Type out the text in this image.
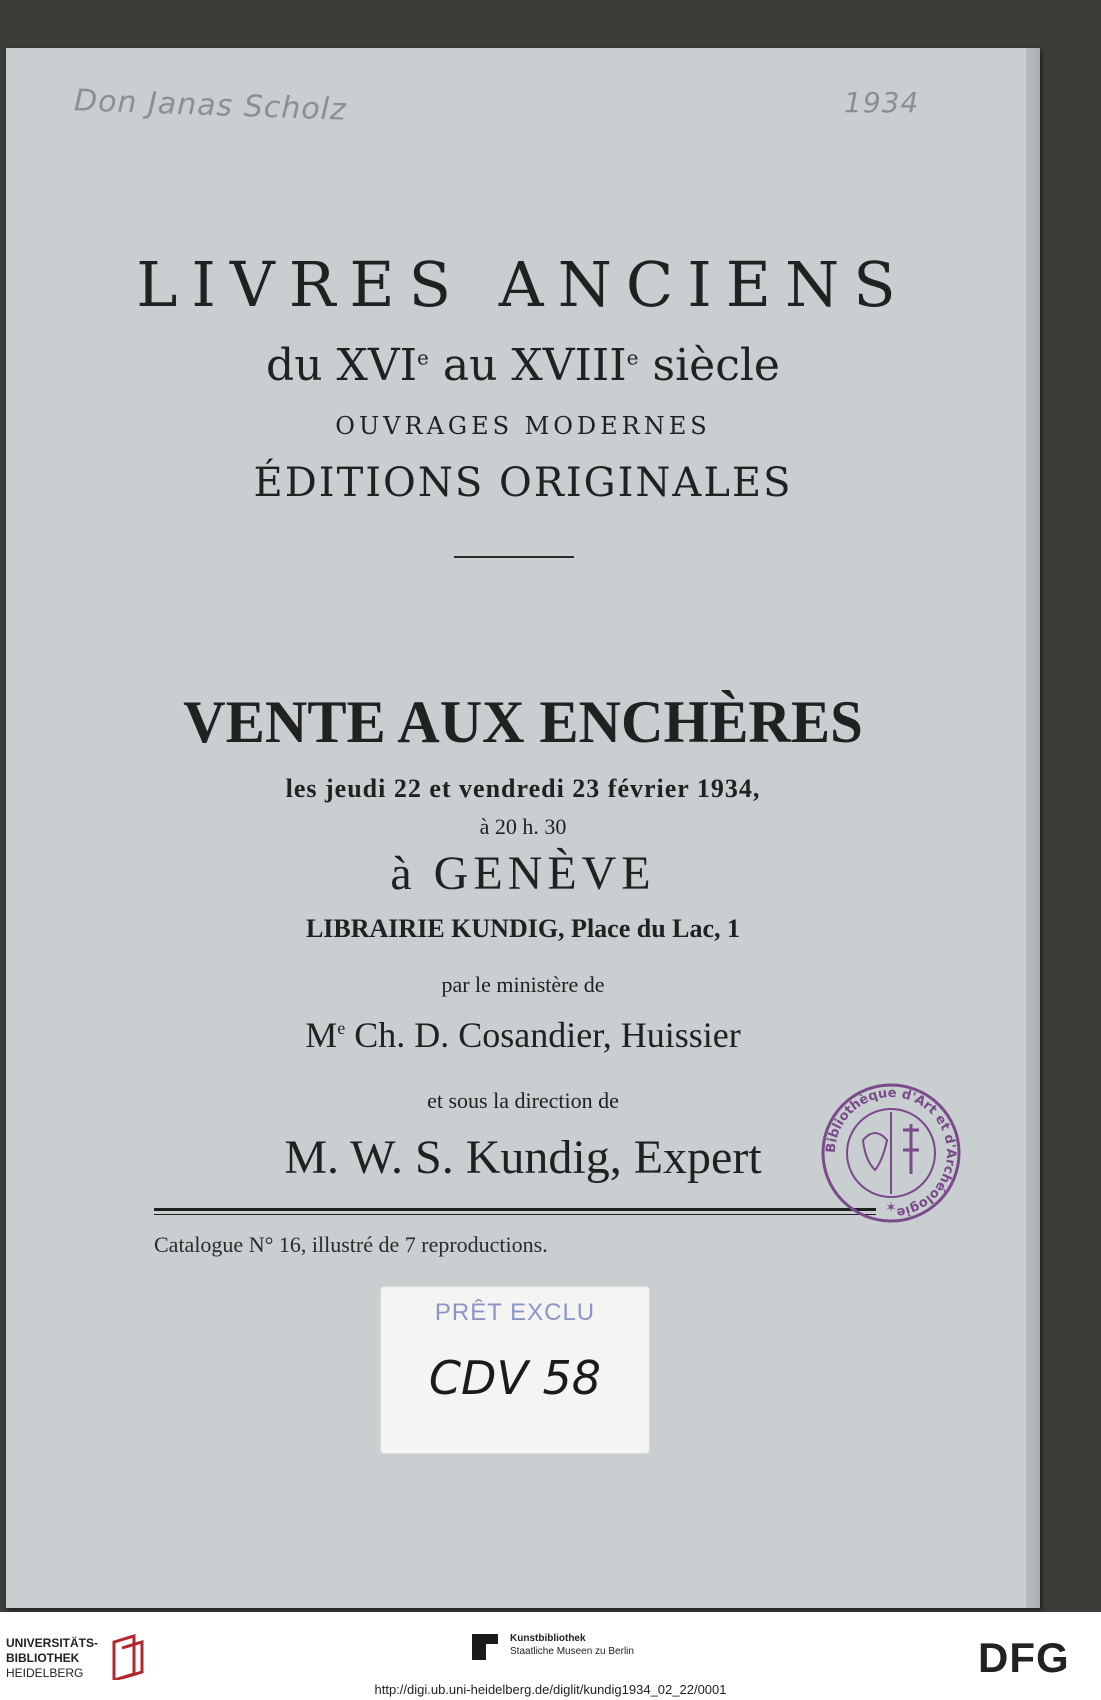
Don Janas Scholz	1934
LIVRES ANCIENS
du XVIe au XVIIIe siècle
OUVRAGES MODERNES
ÉDITIONS ORIGINALES
VENTE AUX ENCHÈRES
les jeudi 22 et vendredi 23 février 1934,
à 20 h. 30
à GENÈVE
LIBRAIRIE KUNDIG, Place du Lac, 1
par le ministère de
Me Ch. D. Cosandier, Huissier
et sous la direction de
M. W. S. Kundig, Expert
Catalogue N° 16, illustré de 7 reproductions.
Bibliothèque d'Art et d'Archéologie
✶
PRÊT EXCLU
CDV 58
UNIVERSITÄTS-
BIBLIOTHEK
HEIDELBERG
Kunstbibliothek
Staatliche Museen zu Berlin	DFG
http://digi.ub.uni-heidelberg.de/diglit/kundig1934_02_22/0001
